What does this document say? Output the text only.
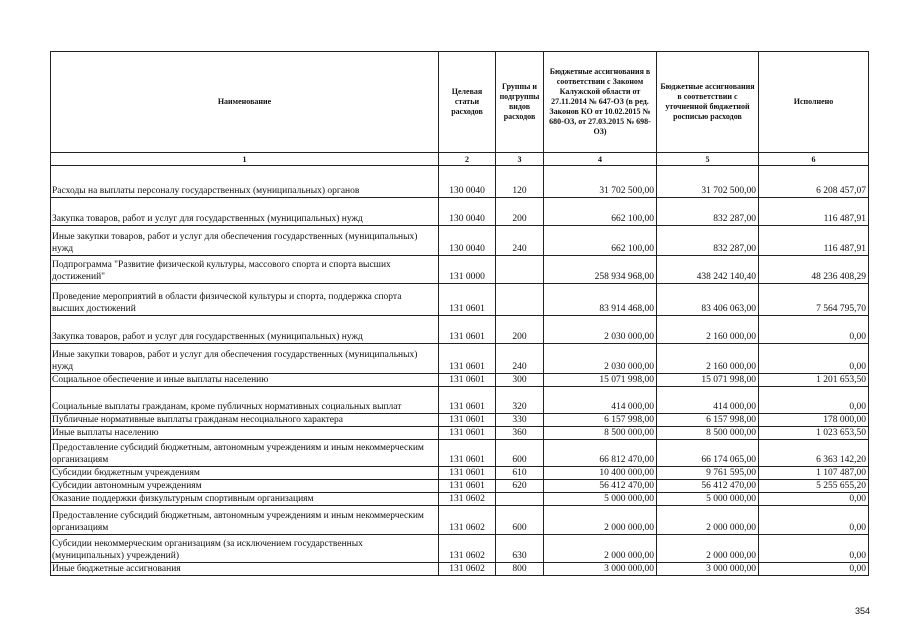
Наименование	Целевая статьи расходов	Группы и подгруппы видов расходов	Бюджетные ассигнования в соответствии с Законом Калужской области от 27.11.2014 № 647-ОЗ (в ред. Законов КО от 10.02.2015 № 680-ОЗ, от 27.03.2015 № 698-ОЗ)	Бюджетные ассигнования в соответствии с уточненной бюджетной росписью расходов	Исполнено
1	2	3	4	5	6
Расходы на выплаты персоналу государственных (муниципальных) органов	130 0040	120	31 702 500,00	31 702 500,00	6 208 457,07
Закупка товаров, работ и услуг для государственных (муниципальных) нужд	130 0040	200	662 100,00	832 287,00	116 487,91
Иные закупки товаров, работ и услуг для обеспечения государственных (муниципальных) нужд	130 0040	240	662 100,00	832 287,00	116 487,91
Подпрограмма "Развитие физической культуры, массового спорта и спорта высших достижений"	131 0000		258 934 968,00	438 242 140,40	48 236 408,29
Проведение мероприятий в области физической культуры и спорта, поддержка спорта высших достижений	131 0601		83 914 468,00	83 406 063,00	7 564 795,70
Закупка товаров, работ и услуг для государственных (муниципальных) нужд	131 0601	200	2 030 000,00	2 160 000,00	0,00
Иные закупки товаров, работ и услуг для обеспечения государственных (муниципальных) нужд	131 0601	240	2 030 000,00	2 160 000,00	0,00
Социальное обеспечение и иные выплаты населению	131 0601	300	15 071 998,00	15 071 998,00	1 201 653,50
Социальные выплаты гражданам, кроме публичных нормативных социальных выплат	131 0601	320	414 000,00	414 000,00	0,00
Публичные нормативные выплаты гражданам несоциального характера	131 0601	330	6 157 998,00	6 157 998,00	178 000,00
Иные выплаты населению	131 0601	360	8 500 000,00	8 500 000,00	1 023 653,50
Предоставление субсидий бюджетным, автономным учреждениям и иным некоммерческим организациям	131 0601	600	66 812 470,00	66 174 065,00	6 363 142,20
Субсидии бюджетным учреждениям	131 0601	610	10 400 000,00	9 761 595,00	1 107 487,00
Субсидии автономным учреждениям	131 0601	620	56 412 470,00	56 412 470,00	5 255 655,20
Оказание поддержки физкультурным спортивным организациям	131 0602		5 000 000,00	5 000 000,00	0,00
Предоставление субсидий бюджетным, автономным учреждениям и иным некоммерческим организациям	131 0602	600	2 000 000,00	2 000 000,00	0,00
Субсидии некоммерческим организациям (за исключением государственных (муниципальных) учреждений)	131 0602	630	2 000 000,00	2 000 000,00	0,00
Иные бюджетные ассигнования	131 0602	800	3 000 000,00	3 000 000,00	0,00
354
